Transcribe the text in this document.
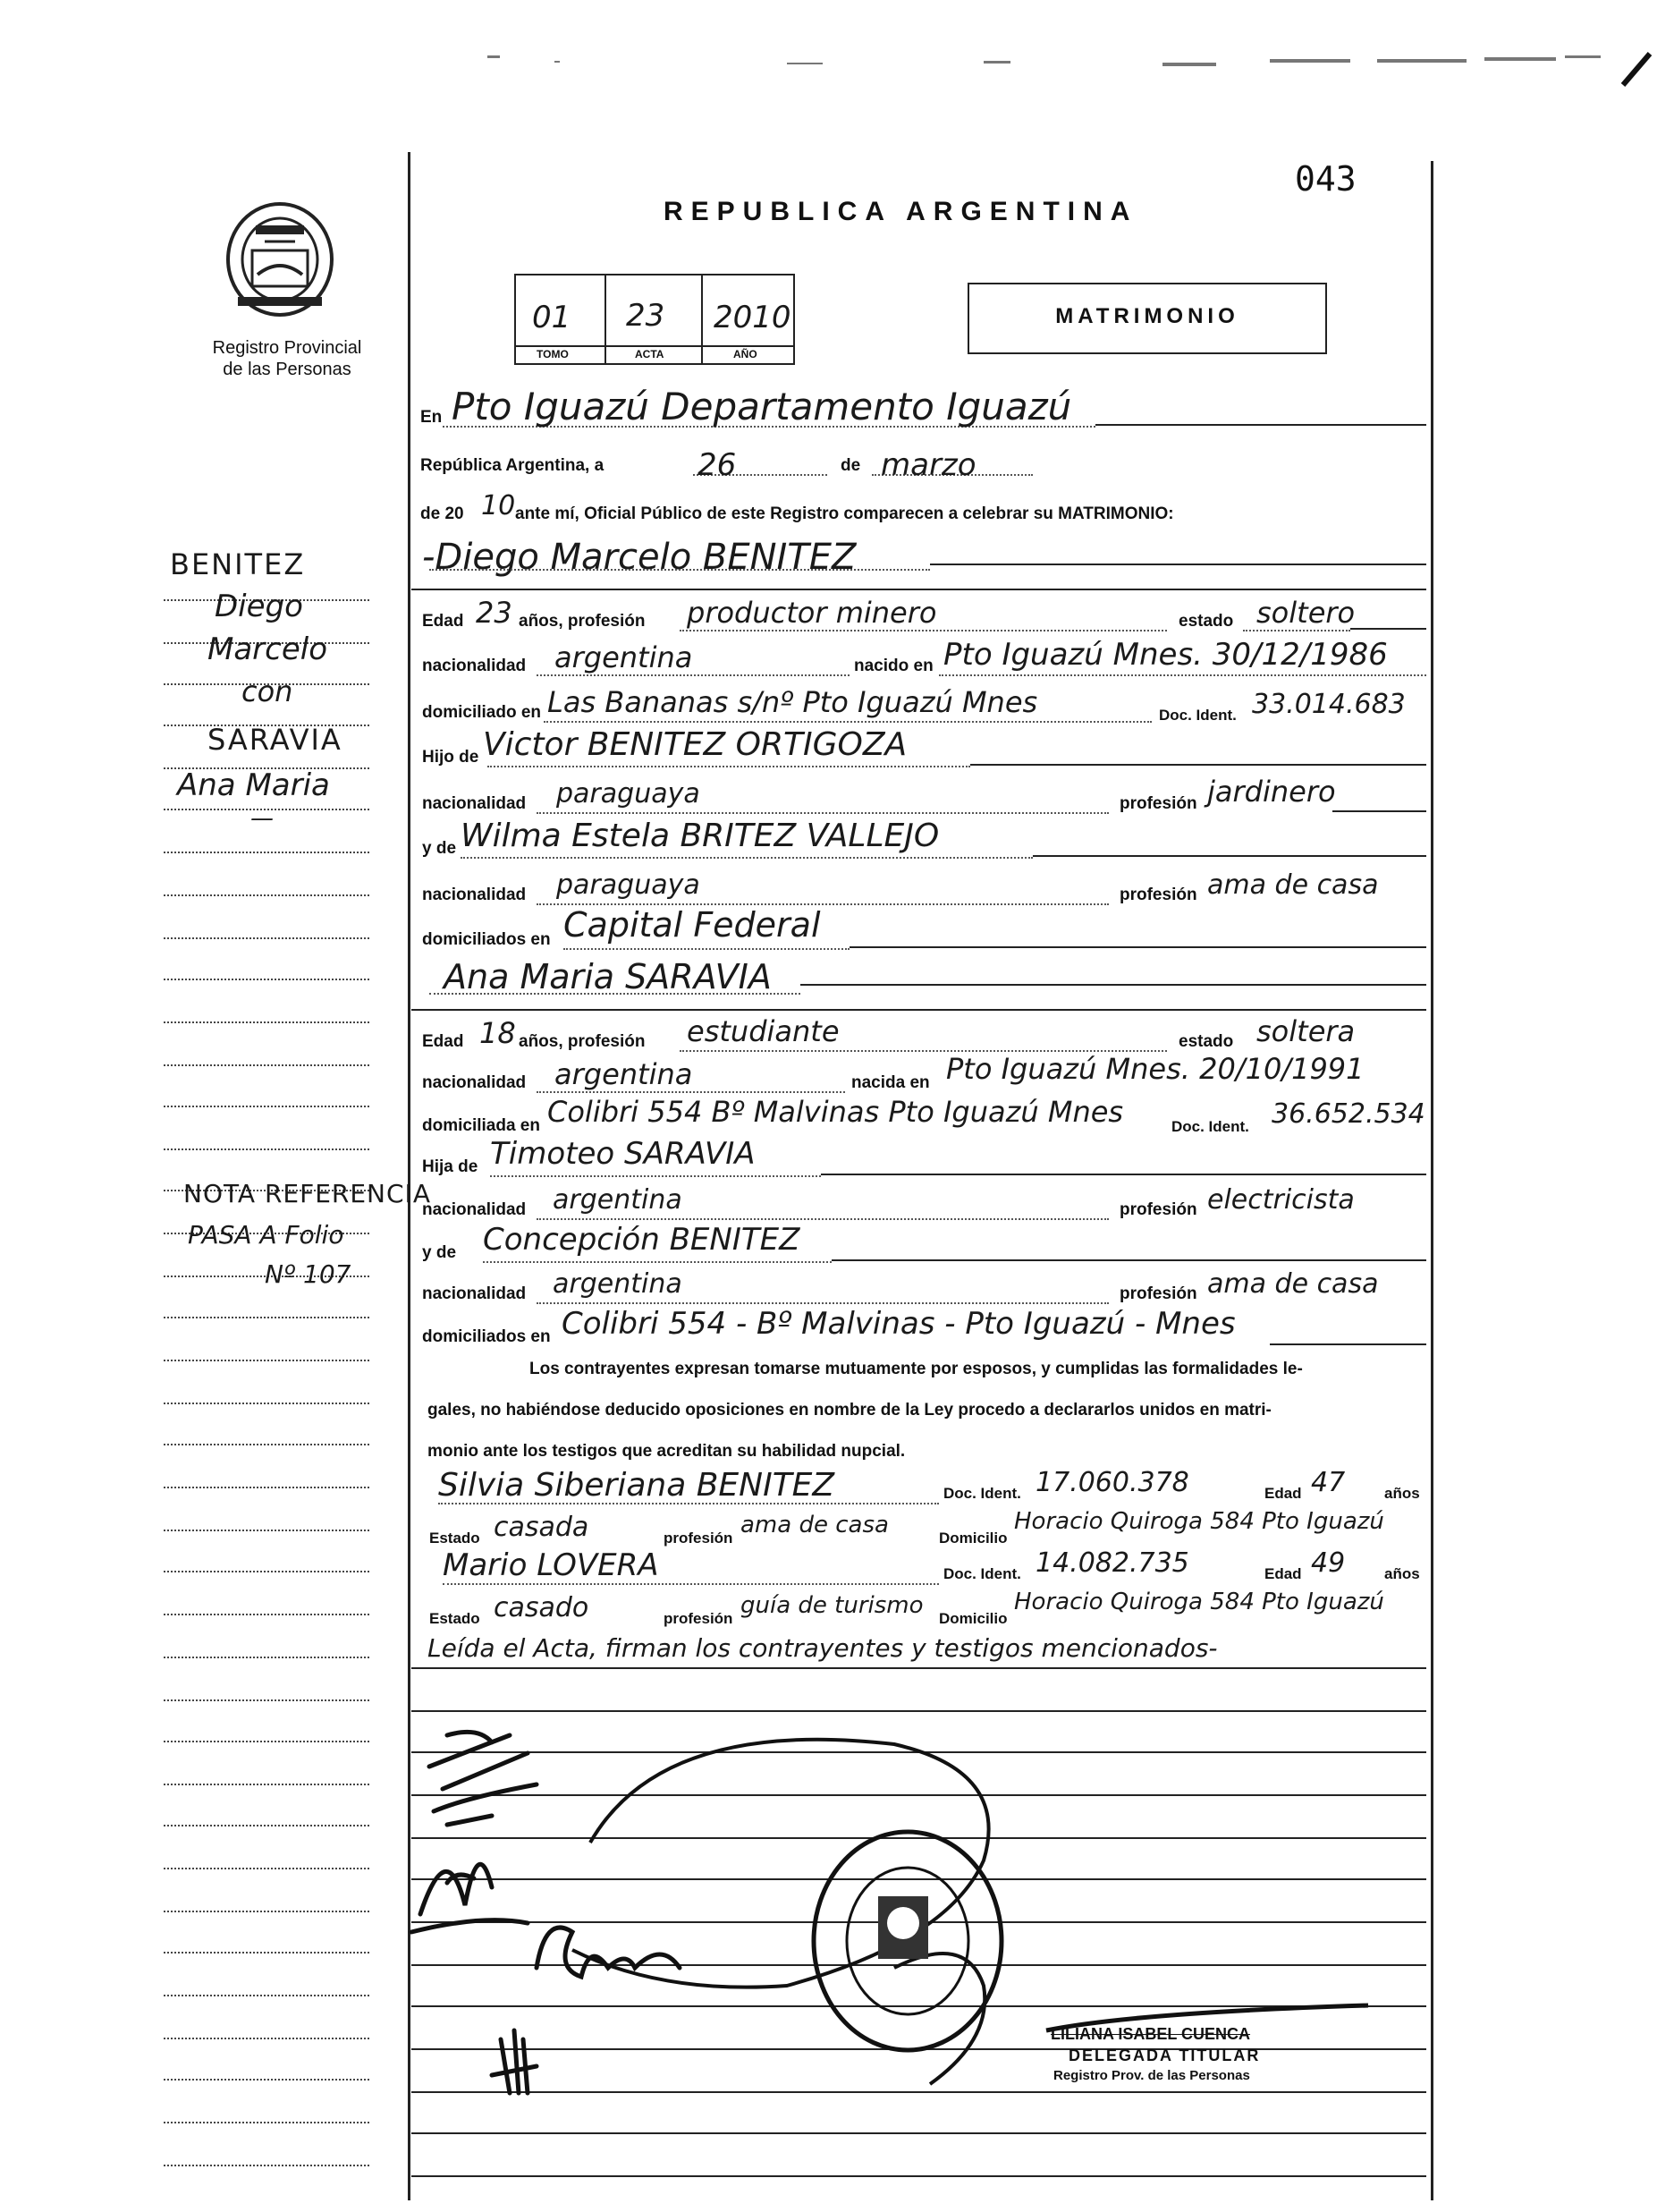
Registro Provincial
de las Personas
043
REPUBLICA ARGENTINA
01 23 2010
TOMO	ACTA	AÑO
MATRIMONIO
BENITEZ
Diego
Marcelo
con
SARAVIA
Ana Maria
—
NOTA REFERENCIA
PASA A Folio
Nº 107
En Pto Iguazú Departamento Iguazú
República Argentina, a	26	de marzo
de 20 10 ante mí, Oficial Público de este Registro comparecen a celebrar su MATRIMONIO:
-Diego Marcelo BENITEZ
Edad 23 años, profesión productor minero	estado soltero
nacionalidad argentina	nacido en Pto Iguazú Mnes. 30/12/1986
domiciliado en Las Bananas s/nº Pto Iguazú Mnes	Doc. Ident. 33.014.683
Hijo de Victor BENITEZ ORTIGOZA
nacionalidad paraguaya	profesión jardinero
y de Wilma Estela BRITEZ VALLEJO
nacionalidad paraguaya	profesión ama de casa
domiciliados en Capital Federal
Ana Maria SARAVIA
Edad 18 años, profesión estudiante	estado soltera
nacionalidad argentina	nacida en Pto Iguazú Mnes. 20/10/1991
domiciliada en Colibri 554 Bº Malvinas Pto Iguazú Mnes	Doc. Ident. 36.652.534
Hija de Timoteo SARAVIA
nacionalidad argentina	profesión electricista
y de Concepción BENITEZ
nacionalidad argentina	profesión ama de casa
domiciliados en Colibri 554 - Bº Malvinas - Pto Iguazú - Mnes
Los contrayentes expresan tomarse mutuamente por esposos, y cumplidas las formalidades le-
gales, no habiéndose deducido oposiciones en nombre de la Ley procedo a declararlos unidos en matri-
monio ante los testigos que acreditan su habilidad nupcial.
Silvia Siberiana BENITEZ	Doc. Ident. 17.060.378	Edad 47	años
Estado casada	profesión ama de casa	Domicilio
Horacio Quiroga 584 Pto Iguazú
Mario LOVERA	Doc. Ident. 14.082.735	Edad 49	años
Estado casado	profesión guía de turismo Domicilio
Horacio Quiroga 584 Pto Iguazú
Leída el Acta, firman los contrayentes y testigos mencionados-
LILIANA ISABEL CUENCA
DELEGADA TITULAR
Registro Prov. de las Personas
